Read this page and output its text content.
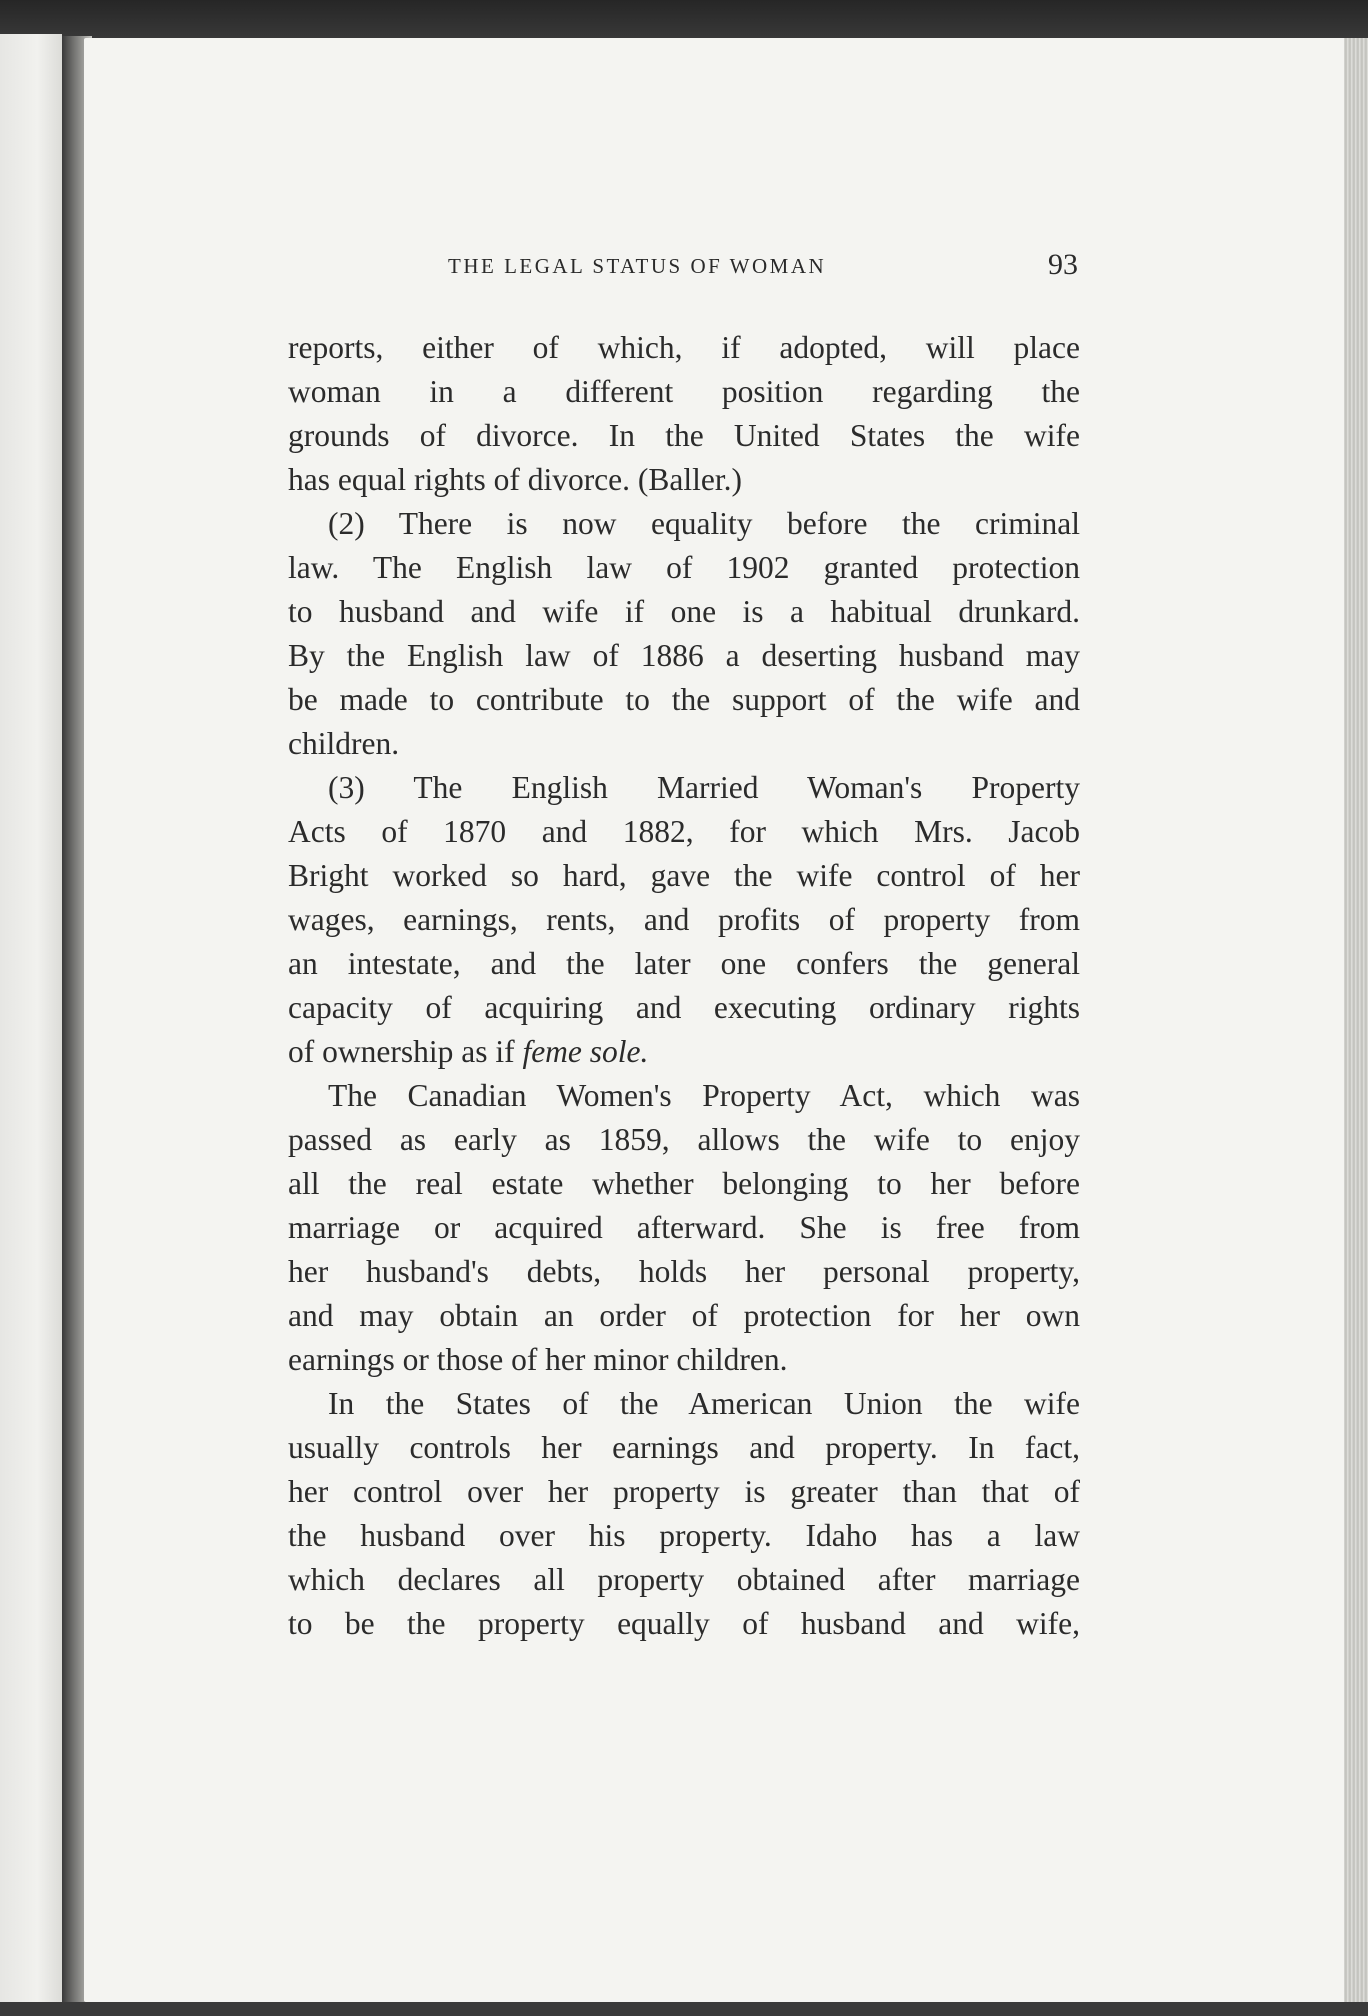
THE LEGAL STATUS OF WOMAN	93
reports, either of which, if adopted, will place
woman in a different position regarding the
grounds of divorce. In the United States the wife
has equal rights of divorce. (Baller.)
(2) There is now equality before the criminal
law. The English law of 1902 granted protection
to husband and wife if one is a habitual drunkard.
By the English law of 1886 a deserting husband may
be made to contribute to the support of the wife and
children.
(3) The English Married Woman's Property
Acts of 1870 and 1882, for which Mrs. Jacob
Bright worked so hard, gave the wife control of her
wages, earnings, rents, and profits of property from
an intestate, and the later one confers the general
capacity of acquiring and executing ordinary rights
of ownership as if feme sole.
The Canadian Women's Property Act, which was
passed as early as 1859, allows the wife to enjoy
all the real estate whether belonging to her before
marriage or acquired afterward. She is free from
her husband's debts, holds her personal property,
and may obtain an order of protection for her own
earnings or those of her minor children.
In the States of the American Union the wife
usually controls her earnings and property. In fact,
her control over her property is greater than that of
the husband over his property. Idaho has a law
which declares all property obtained after marriage
to be the property equally of husband and wife,
